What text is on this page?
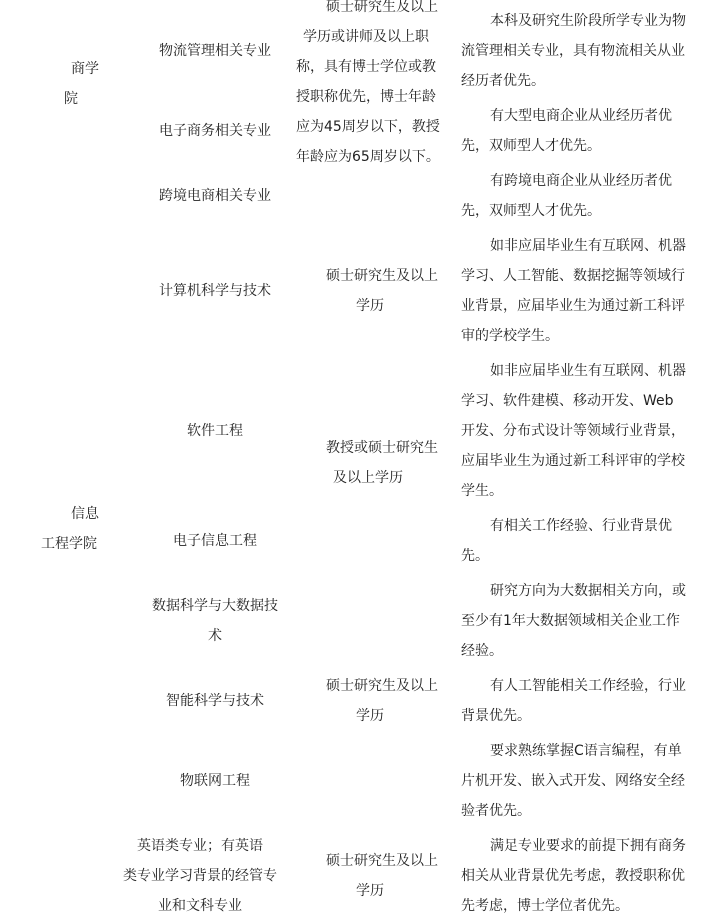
商学
院
信息
工程学院
物流管理相关专业
电子商务相关专业
跨境电商相关专业
计算机科学与技术
软件工程
电子信息工程
数据科学与大数据技
术
智能科学与技术
物联网工程
英语类专业；有英语
类专业学习背景的经管专
业和文科专业
硕士研究生及以上
学历或讲师及以上职
称，具有博士学位或教
授职称优先，博士年龄
应为45周岁以下，教授
年龄应为65周岁以下。
硕士研究生及以上
学历
教授或硕士研究生
及以上学历
硕士研究生及以上
学历
硕士研究生及以上
学历
本科及研究生阶段所学专业为物
流管理相关专业，具有物流相关从业
经历者优先。
有大型电商企业从业经历者优
先，双师型人才优先。
有跨境电商企业从业经历者优
先，双师型人才优先。
如非应届毕业生有互联网、机器
学习、人工智能、数据挖掘等领域行
业背景，应届毕业生为通过新工科评
审的学校学生。
如非应届毕业生有互联网、机器
学习、软件建模、移动开发、Web
开发、分布式设计等领域行业背景，
应届毕业生为通过新工科评审的学校
学生。
有相关工作经验、行业背景优
先。
研究方向为大数据相关方向，或
至少有1年大数据领域相关企业工作
经验。
有人工智能相关工作经验，行业
背景优先。
要求熟练掌握C语言编程，有单
片机开发、嵌入式开发、网络安全经
验者优先。
满足专业要求的前提下拥有商务
相关从业背景优先考虑，教授职称优
先考虑，博士学位者优先。
